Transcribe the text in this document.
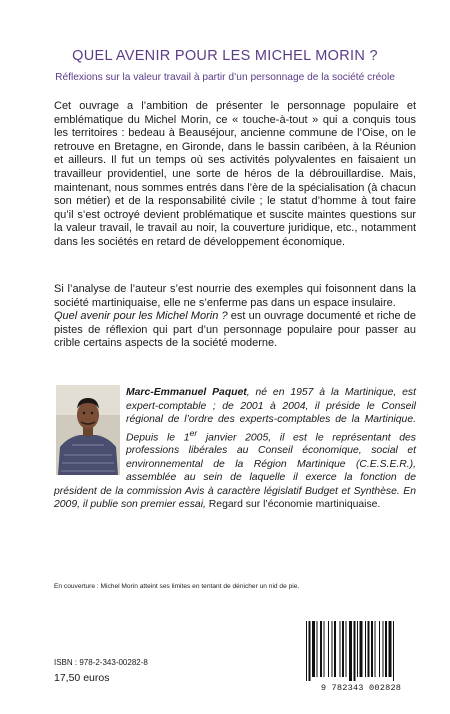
QUEL AVENIR POUR LES MICHEL MORIN ?
Réflexions sur la valeur travail à partir d’un personnage de la société créole

Cet ouvrage a l’ambition de présenter le personnage populaire et emblématique du Michel Morin, ce « touche-à-tout » qui a conquis tous les territoires : bedeau à Beauséjour, ancienne commune de l’Oise, on le retrouve en Bretagne, en Gironde, dans le bassin caribéen, à la Réunion et ailleurs. Il fut un temps où ses activités polyvalentes en faisaient un travailleur providentiel, une sorte de héros de la débrouillardise. Mais, maintenant, nous sommes entrés dans l’ère de la spécialisation (à chacun son métier) et de la responsabilité civile ; le statut d’homme à tout faire qu’il s’est octroyé devient problématique et suscite maintes questions sur la valeur travail, le travail au noir, la couverture juridique, etc., notamment dans les sociétés en retard de développement économique.

Si l’analyse de l’auteur s’est nourrie des exemples qui foisonnent dans la société martiniquaise, elle ne s’enferme pas dans un espace insulaire.
Quel avenir pour les Michel Morin ? est un ouvrage documenté et riche de pistes de réflexion qui part d’un personnage populaire pour passer au crible certains aspects de la société moderne.

Marc-Emmanuel Paquet, né en 1957 à la Martinique, est expert-comptable ; de 2001 à 2004, il préside le Conseil régional de l’ordre des experts-comptables de la Martinique. Depuis le 1er janvier 2005, il est le représentant des professions libérales au Conseil économique, social et environnemental de la Région Martinique (C.E.S.E.R.), assemblée au sein de laquelle il exerce la fonction de président de la commission Avis à caractère législatif Budget et Synthèse. En 2009, il publie son premier essai, Regard sur l’économie martiniquaise.

En couverture : Michel Morin atteint ses limites en tentant de dénicher un nid de pie.
ISBN : 978-2-343-00282-8
17,50 euros
9 782343 002828
